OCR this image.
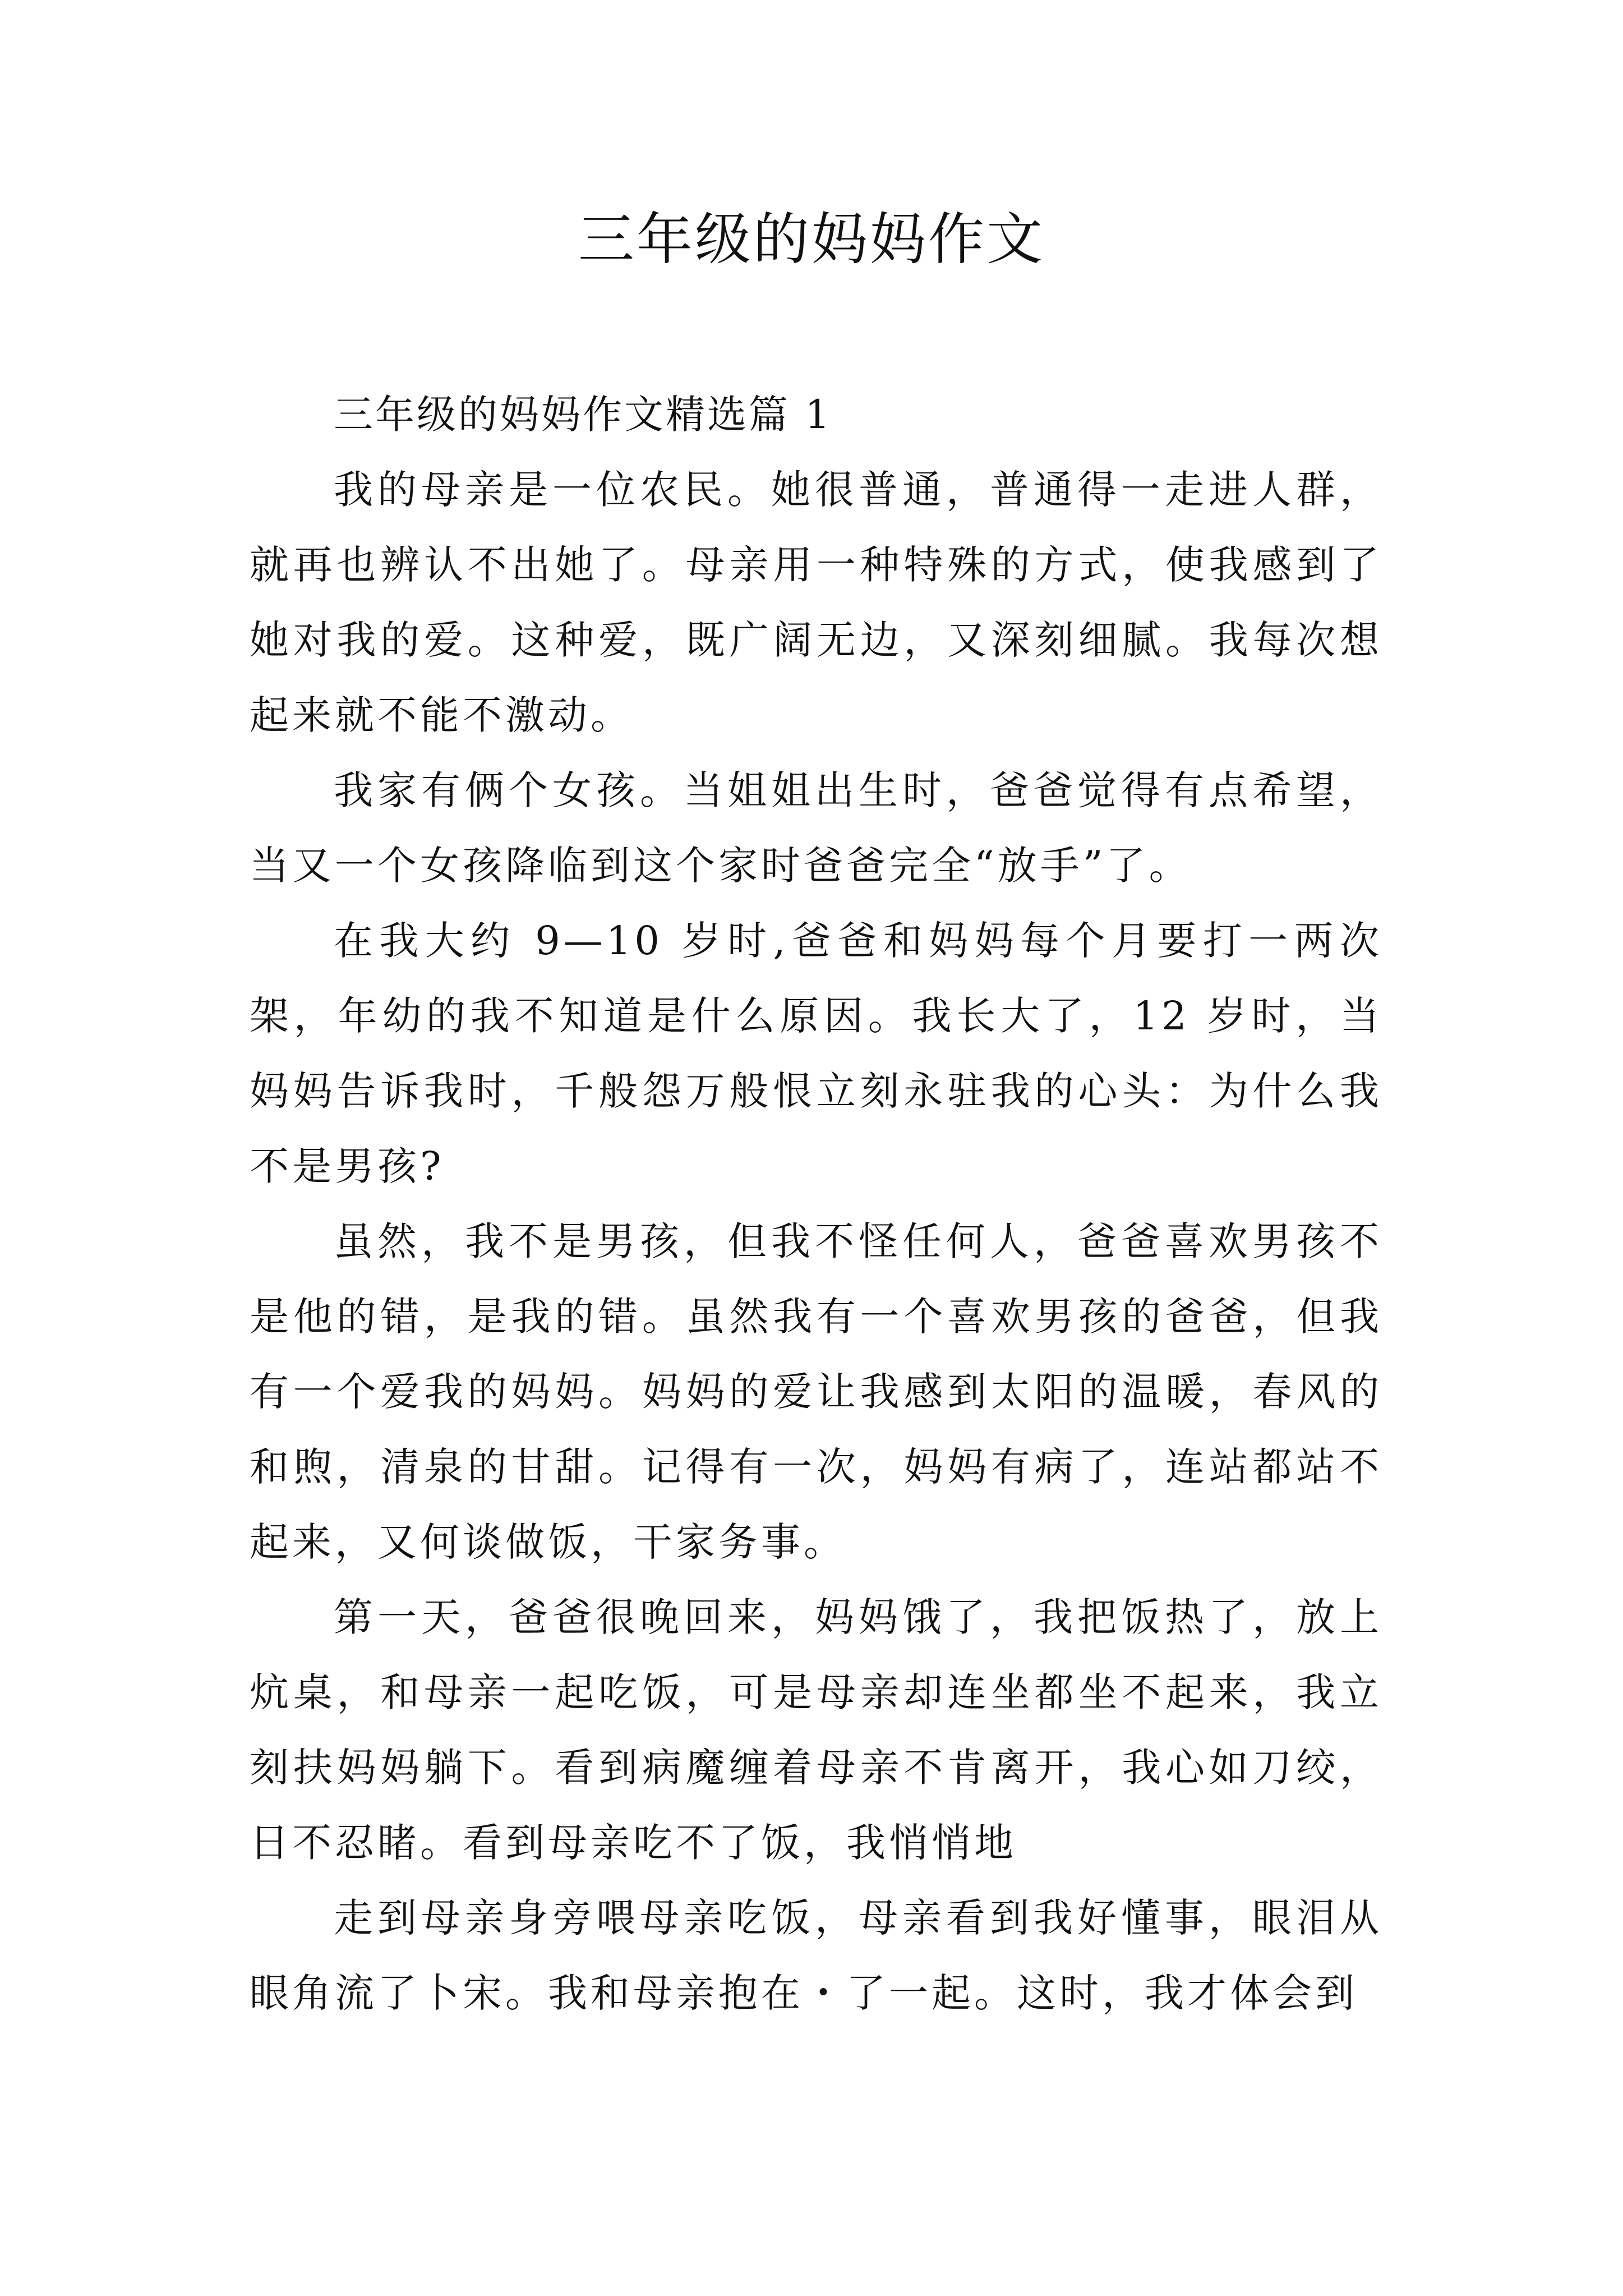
三年级的妈妈作文

三年级的妈妈作文精选篇 1

我的母亲是一位农民。她很普通，普通得一走进人群，就再也辨认不出她了。母亲用一种特殊的方式，使我感到了她对我的爱。这种爱，既广阔无边，又深刻细腻。我每次想起来就不能不激动。

我家有俩个女孩。当姐姐出生时，爸爸觉得有点希望，当又一个女孩降临到这个家时爸爸完全“放手”了。

在我大约 9—10 岁时,爸爸和妈妈每个月要打一两次架，年幼的我不知道是什么原因。我长大了，12 岁时，当妈妈告诉我时，千般怨万般恨立刻永驻我的心头：为什么我不是男孩?

虽然，我不是男孩，但我不怪任何人，爸爸喜欢男孩不是他的错，是我的错。虽然我有一个喜欢男孩的爸爸，但我有一个爱我的妈妈。妈妈的爱让我感到太阳的温暖，春风的和煦，清泉的甘甜。记得有一次，妈妈有病了，连站都站不起来，又何谈做饭，干家务事。

第一天，爸爸很晚回来，妈妈饿了，我把饭热了，放上炕桌，和母亲一起吃饭，可是母亲却连坐都坐不起来，我立刻扶妈妈躺下。看到病魔缠着母亲不肯离开，我心如刀绞，日不忍睹。看到母亲吃不了饭，我悄悄地

走到母亲身旁喂母亲吃饭，母亲看到我好懂事，眼泪从眼角流了卜宋。我和母亲抱在・了一起。这时，我才体会到
